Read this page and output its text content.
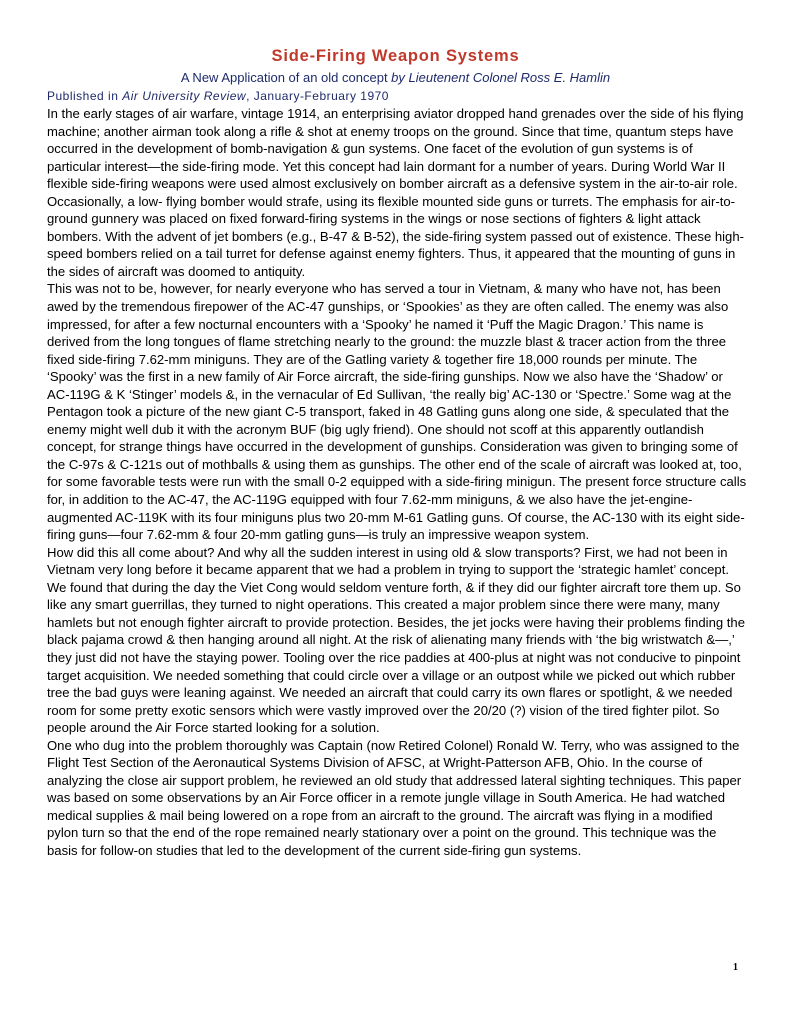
Side-Firing Weapon Systems
A New Application of an old concept by Lieutenent Colonel Ross E. Hamlin
Published in Air University Review, January-February 1970

In the early stages of air warfare, vintage 1914, an enterprising aviator dropped hand grenades over the side of his flying machine; another airman took along a rifle & shot at enemy troops on the ground. Since that time, quantum steps have occurred in the development of bomb-navigation & gun systems. One facet of the evolution of gun systems is of particular interest—the side-firing mode. Yet this concept had lain dormant for a number of years. During World War II flexible side-firing weapons were used almost exclusively on bomber aircraft as a defensive system in the air-to-air role. Occasionally, a low- flying bomber would strafe, using its flexible mounted side guns or turrets. The emphasis for air-to-ground gunnery was placed on fixed forward-firing systems in the wings or nose sections of fighters & light attack bombers. With the advent of jet bombers (e.g., B-47 & B-52), the side-firing system passed out of existence. These high-speed bombers relied on a tail turret for defense against enemy fighters. Thus, it appeared that the mounting of guns in the sides of aircraft was doomed to antiquity.

This was not to be, however, for nearly everyone who has served a tour in Vietnam, & many who have not, has been awed by the tremendous firepower of the AC-47 gunships, or ‘Spookies’ as they are often called. The enemy was also impressed, for after a few nocturnal encounters with a ‘Spooky’ he named it ‘Puff the Magic Dragon.’ This name is derived from the long tongues of flame stretching nearly to the ground: the muzzle blast & tracer action from the three fixed side-firing 7.62-mm miniguns. They are of the Gatling variety & together fire 18,000 rounds per minute. The ‘Spooky’ was the first in a new family of Air Force aircraft, the side-firing gunships. Now we also have the ‘Shadow’ or AC-119G & K ‘Stinger’ models &, in the vernacular of Ed Sullivan, ‘the really big’ AC-130 or ‘Spectre.’ Some wag at the Pentagon took a picture of the new giant C-5 transport, faked in 48 Gatling guns along one side, & speculated that the enemy might well dub it with the acronym BUF (big ugly friend). One should not scoff at this apparently outlandish concept, for strange things have occurred in the development of gunships. Consideration was given to bringing some of the C-97s & C-121s out of mothballs & using them as gunships. The other end of the scale of aircraft was looked at, too, for some favorable tests were run with the small 0-2 equipped with a side-firing minigun. The present force structure calls for, in addition to the AC-47, the AC-119G equipped with four 7.62-mm miniguns, & we also have the jet-engine-augmented AC-119K with its four miniguns plus two 20-mm M-61 Gatling guns. Of course, the AC-130 with its eight side-firing guns—four 7.62-mm & four 20-mm gatling guns—is truly an impressive weapon system.

How did this all come about? And why all the sudden interest in using old & slow transports? First, we had not been in Vietnam very long before it became apparent that we had a problem in trying to support the ‘strategic hamlet’ concept. We found that during the day the Viet Cong would seldom venture forth, & if they did our fighter aircraft tore them up. So like any smart guerrillas, they turned to night operations. This created a major problem since there were many, many hamlets but not enough fighter aircraft to provide protection. Besides, the jet jocks were having their problems finding the black pajama crowd & then hanging around all night. At the risk of alienating many friends with ‘the big wristwatch &—,’ they just did not have the staying power. Tooling over the rice paddies at 400-plus at night was not conducive to pinpoint target acquisition. We needed something that could circle over a village or an outpost while we picked out which rubber tree the bad guys were leaning against. We needed an aircraft that could carry its own flares or spotlight, & we needed room for some pretty exotic sensors which were vastly improved over the 20/20 (?) vision of the tired fighter pilot. So people around the Air Force started looking for a solution.

One who dug into the problem thoroughly was Captain (now Retired Colonel) Ronald W. Terry, who was assigned to the Flight Test Section of the Aeronautical Systems Division of AFSC, at Wright-Patterson AFB, Ohio. In the course of analyzing the close air support problem, he reviewed an old study that addressed lateral sighting techniques. This paper was based on some observations by an Air Force officer in a remote jungle village in South America. He had watched medical supplies & mail being lowered on a rope from an aircraft to the ground. The aircraft was flying in a modified pylon turn so that the end of the rope remained nearly stationary over a point on the ground. This technique was the basis for follow-on studies that led to the development of the current side-firing gun systems.

1
